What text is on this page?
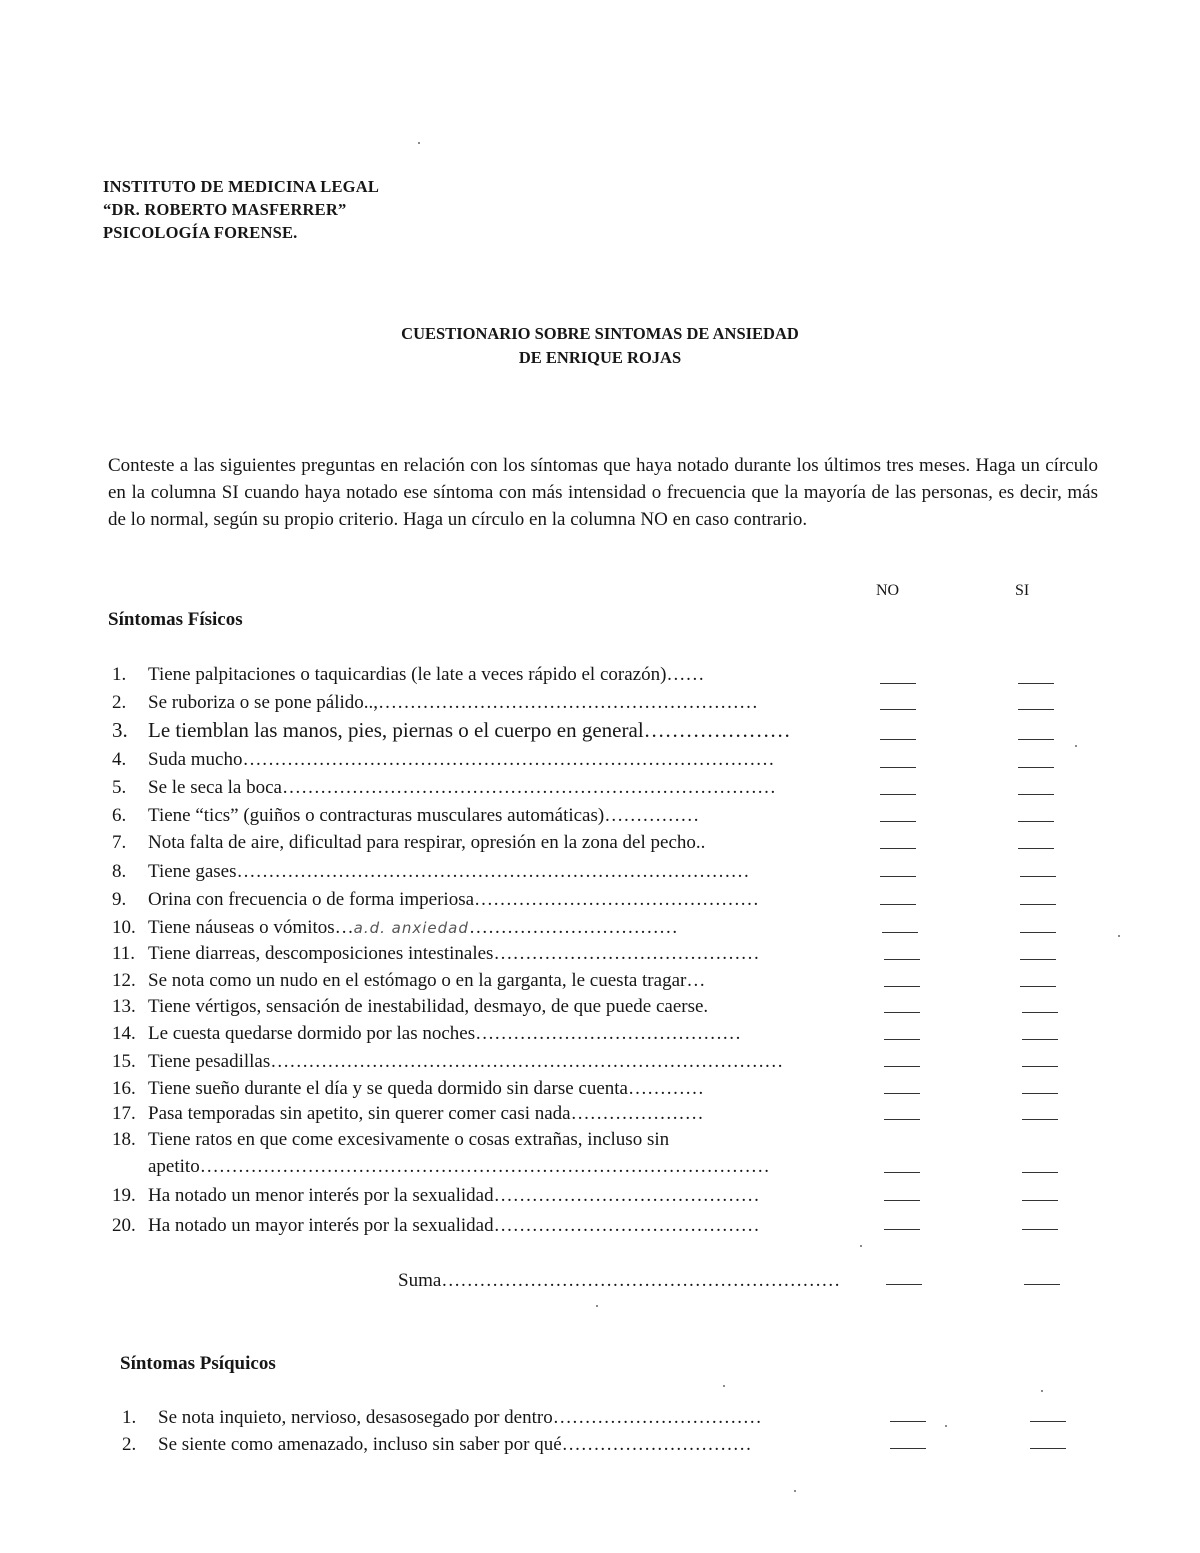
INSTITUTO DE MEDICINA LEGAL
“DR. ROBERTO MASFERRER”
PSICOLOGÍA FORENSE.
CUESTIONARIO SOBRE SINTOMAS DE ANSIEDAD
DE ENRIQUE ROJAS
Conteste a las siguientes preguntas en relación con los síntomas que haya notado durante los últimos tres meses. Haga un círculo en la columna SI cuando haya notado ese síntoma con más intensidad o frecuencia que la mayoría de las personas, es decir, más de lo normal, según su propio criterio. Haga un círculo en la columna NO en caso contrario.
NO	SI
Síntomas Físicos
1. Tiene palpitaciones o taquicardias (le late a veces rápido el corazón)……
2. Se ruboriza o se pone pálido..,……………………………………………………
3. Le tiemblan las manos, pies, piernas o el cuerpo en general…………………
4. Suda mucho…………………………………………………………………………
5. Se le seca la boca……………………………………………………………………
6. Tiene “tics” (guiños o contracturas musculares automáticas)……………
7. Nota falta de aire, dificultad para respirar, opresión en la zona del pecho..
8. Tiene gases………………………………………………………………………
9. Orina con frecuencia o de forma imperiosa………………………………………
10. Tiene náuseas o vómitos…a.d. anxiedad……………………………
11. Tiene diarreas, descomposiciones intestinales……………………………………
12. Se nota como un nudo en el estómago o en la garganta, le cuesta tragar…
13. Tiene vértigos, sensación de inestabilidad, desmayo, de que puede caerse.
14. Le cuesta quedarse dormido por las noches……………………………………
15. Tiene pesadillas………………………………………………………………………
16. Tiene sueño durante el día y se queda dormido sin darse cuenta…………
17. Pasa temporadas sin apetito, sin querer comer casi nada…………………
18. Tiene ratos en que come excesivamente o cosas extrañas, incluso sin
apetito………………………………………………………………………………
19. Ha notado un menor interés por la sexualidad……………………………………
20. Ha notado un mayor interés por la sexualidad……………………………………
Suma………………………………………………………
Síntomas Psíquicos
1. Se nota inquieto, nervioso, desasosegado por dentro……………………………
2. Se siente como amenazado, incluso sin saber por qué…………………………
